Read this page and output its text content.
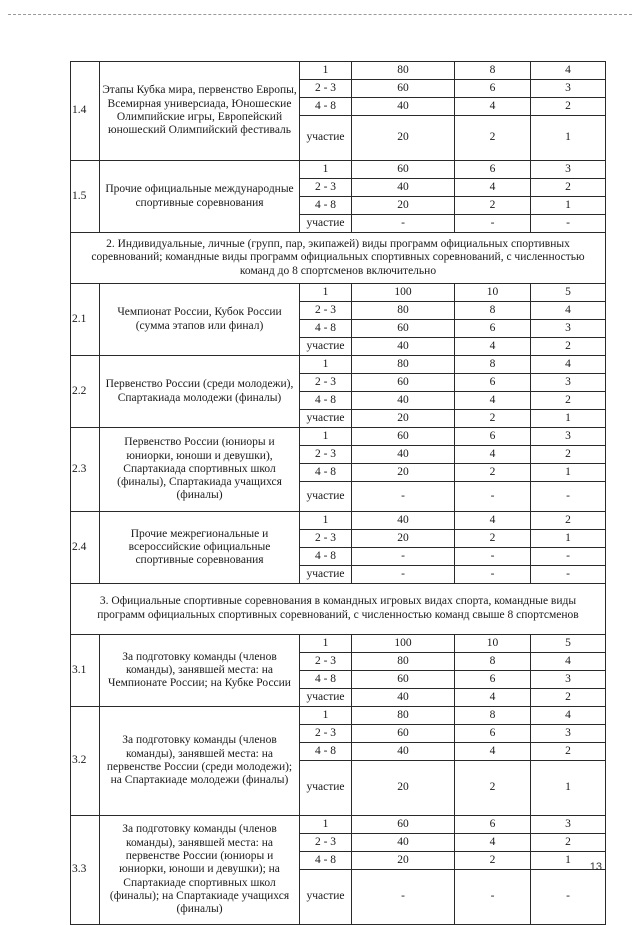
1.4	Этапы Кубка мира, первенство Европы, Всемирная универсиада, Юношеские Олимпийские игры, Европейский юношеский Олимпийский фестиваль	1	80	8	4
		2 - 3	60	6	3
		4 - 8	40	4	2
		участие	20	2	1
1.5	Прочие официальные международные спортивные соревнования	1	60	6	3
		2 - 3	40	4	2
		4 - 8	20	2	1
		участие	-	-	-
2. Индивидуальные, личные (групп, пар, экипажей) виды программ официальных спортивных соревнований; командные виды программ официальных спортивных соревнований, с численностью команд до 8 спортсменов включительно					
2.1	Чемпионат России, Кубок России (сумма этапов или финал)	1	100	10	5
		2 - 3	80	8	4
		4 - 8	60	6	3
		участие	40	4	2
2.2	Первенство России (среди молодежи), Спартакиада молодежи (финалы)	1	80	8	4
		2 - 3	60	6	3
		4 - 8	40	4	2
		участие	20	2	1
2.3	Первенство России (юниоры и юниорки, юноши и девушки), Спартакиада спортивных школ (финалы), Спартакиада учащихся (финалы)	1	60	6	3
		2 - 3	40	4	2
		4 - 8	20	2	1
		участие	-	-	-
2.4	Прочие межрегиональные и всероссийские официальные спортивные соревнования	1	40	4	2
		2 - 3	20	2	1
		4 - 8	-	-	-
		участие	-	-	-
3. Официальные спортивные соревнования в командных игровых видах спорта, командные виды программ официальных спортивных соревнований, с численностью команд свыше 8 спортсменов					
3.1	За подготовку команды (членов команды), занявшей места: на Чемпионате России; на Кубке России	1	100	10	5
		2 - 3	80	8	4
		4 - 8	60	6	3
		участие	40	4	2
3.2	За подготовку команды (членов команды), занявшей места: на первенстве России (среди молодежи); на Спартакиаде молодежи (финалы)	1	80	8	4
		2 - 3	60	6	3
		4 - 8	40	4	2
		участие	20	2	1
3.3	За подготовку команды (членов команды), занявшей места: на первенстве России (юниоры и юниорки, юноши и девушки); на Спартакиаде спортивных школ (финалы); на Спартакиаде учащихся (финалы)	1	60	6	3
		2 - 3	40	4	2
		4 - 8	20	2	1
		участие	-	-	-
13
